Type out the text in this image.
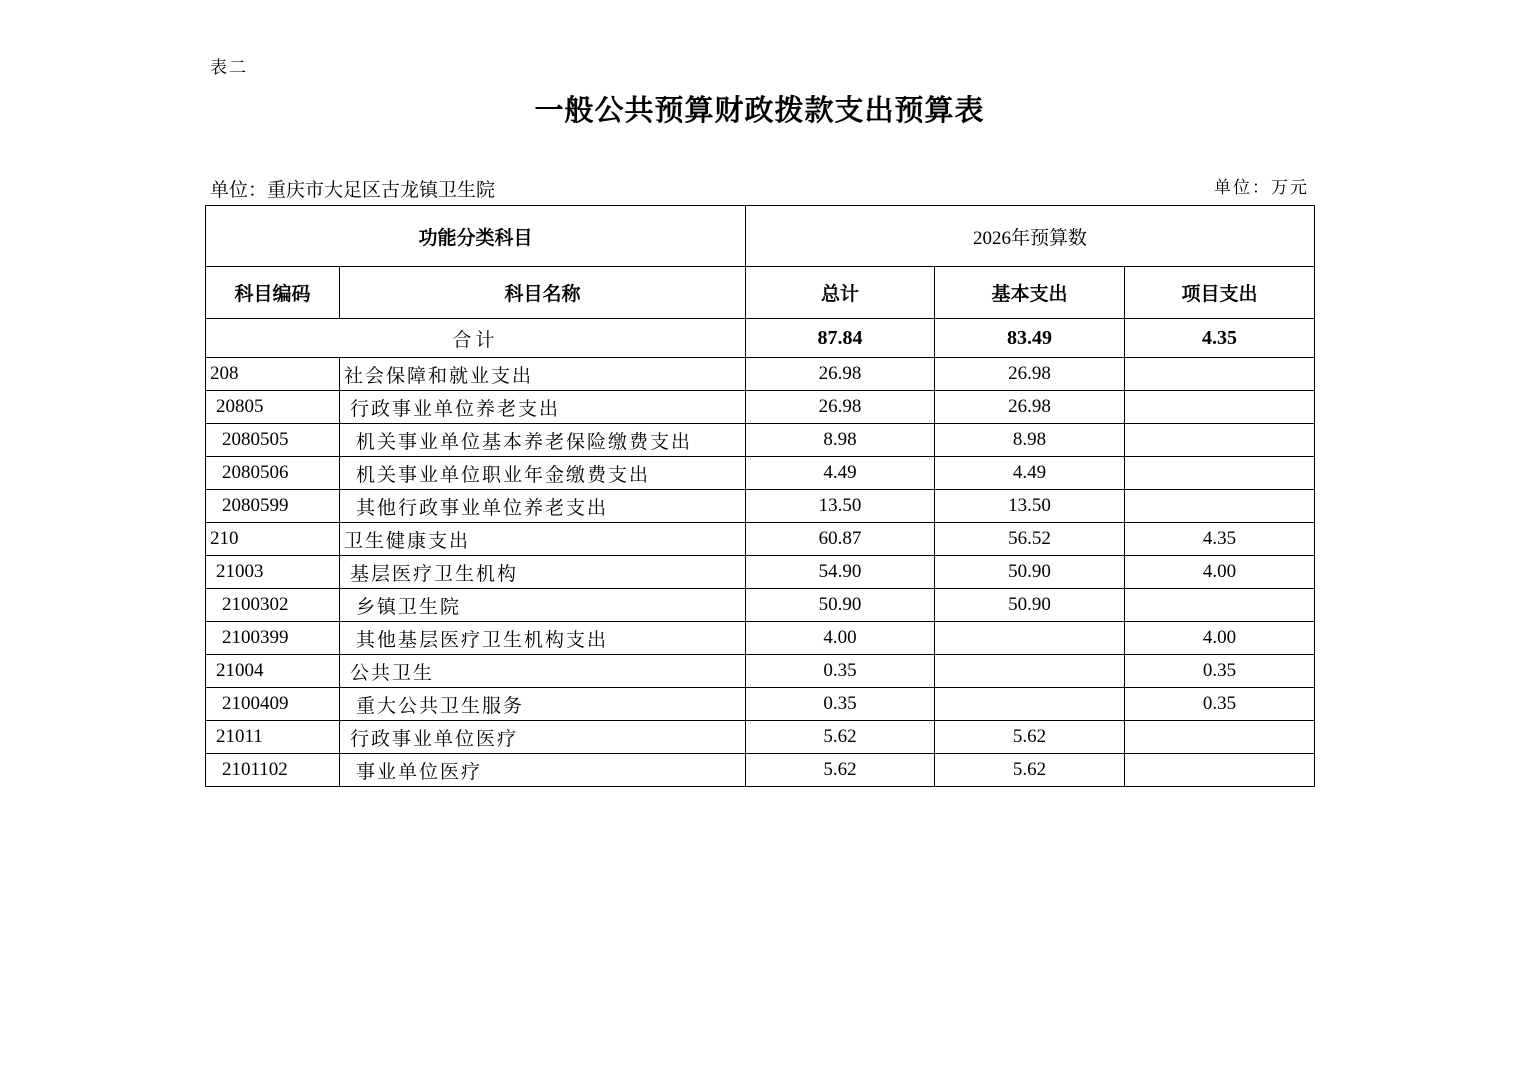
表二
一般公共预算财政拨款支出预算表
单位：重庆市大足区古龙镇卫生院	单位：万元
功能分类科目		2026年预算数		
科目编码	科目名称	总计	基本支出	项目支出
合计		87.84	83.49	4.35
208	社会保障和就业支出	26.98	26.98	
20805	行政事业单位养老支出	26.98	26.98	
2080505	机关事业单位基本养老保险缴费支出	8.98	8.98	
2080506	机关事业单位职业年金缴费支出	4.49	4.49	
2080599	其他行政事业单位养老支出	13.50	13.50	
210	卫生健康支出	60.87	56.52	4.35
21003	基层医疗卫生机构	54.90	50.90	4.00
2100302	乡镇卫生院	50.90	50.90	
2100399	其他基层医疗卫生机构支出	4.00		4.00
21004	公共卫生	0.35		0.35
2100409	重大公共卫生服务	0.35		0.35
21011	行政事业单位医疗	5.62	5.62	
2101102	事业单位医疗	5.62	5.62	
